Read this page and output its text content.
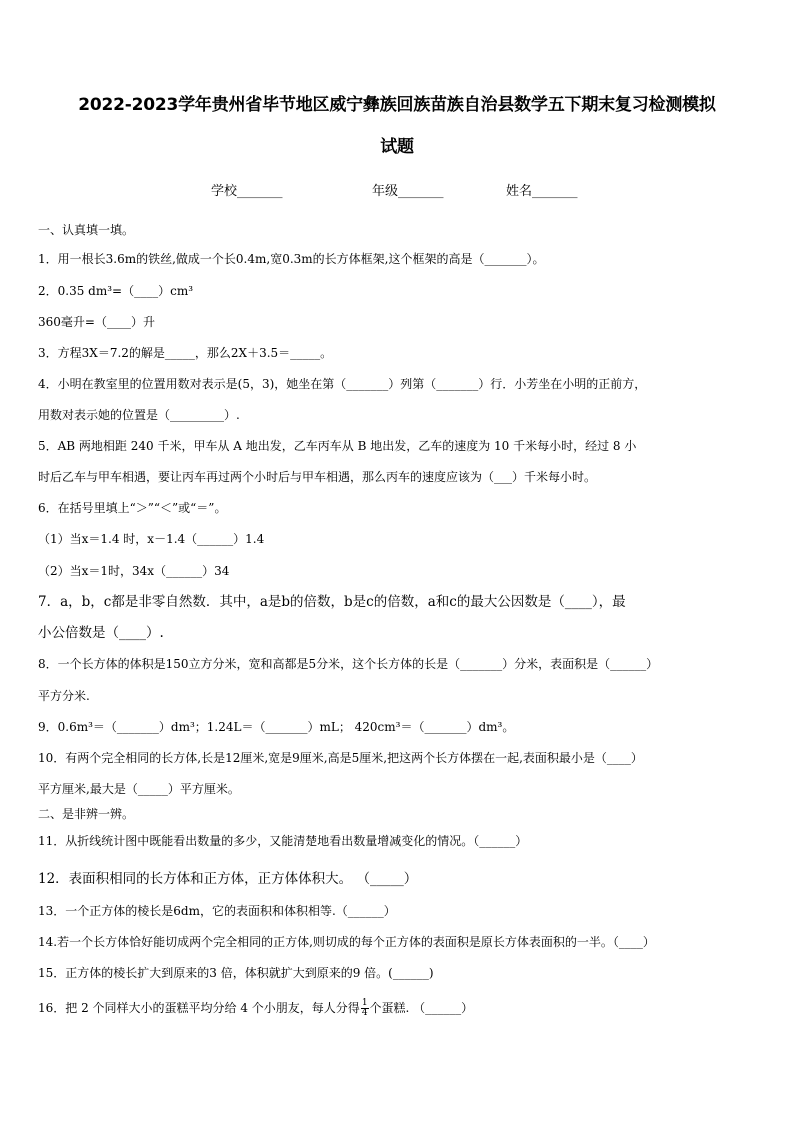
2022-2023学年贵州省毕节地区威宁彝族回族苗族自治县数学五下期末复习检测模拟
试题
学校_______	年级_______	姓名_______
一、认真填一填。
1．用一根长3.6m的铁丝,做成一个长0.4m,宽0.3m的长方体框架,这个框架的高是（_______）。
2．0.35 dm³=（____）cm³
360毫升=（____）升
3．方程3X＝7.2的解是_____，那么2X＋3.5＝_____。
4．小明在教室里的位置用数对表示是(5，3)，她坐在第（_______）列第（_______）行．小芳坐在小明的正前方，
用数对表示她的位置是（_________）.
5．AB 两地相距 240 千米，甲车从 A 地出发，乙车丙车从 B 地出发，乙车的速度为 10 千米每小时，经过 8 小
时后乙车与甲车相遇，要让丙车再过两个小时后与甲车相遇，那么丙车的速度应该为（___）千米每小时。
6．在括号里填上“＞”“＜”或“＝”。
（1）当x＝1.4 时，x－1.4（______）1.4
（2）当x＝1时，34x（______）34
7．a，b，c都是非零自然数．其中，a是b的倍数，b是c的倍数，a和c的最大公因数是（____），最
小公倍数是（____）.
8．一个长方体的体积是150立方分米，宽和高都是5分米，这个长方体的长是（_______）分米，表面积是（______）
平方分米.
9．0.6m³＝（_______）dm³；1.24L＝（_______）mL； 420cm³＝（_______）dm³。
10．有两个完全相同的长方体,长是12厘米,宽是9厘米,高是5厘米,把这两个长方体摆在一起,表面积最小是（____）
平方厘米,最大是（_____）平方厘米。
二、是非辨一辨。
11．从折线统计图中既能看出数量的多少，又能清楚地看出数量增减变化的情况。（______）
12．表面积相同的长方体和正方体，正方体体积大。 （_____）
13．一个正方体的棱长是6dm，它的表面积和体积相等.（______）
14.若一个长方体恰好能切成两个完全相同的正方体,则切成的每个正方体的表面积是原长方体表面积的一半。（____）
15．正方体的棱长扩大到原来的3 倍，体积就扩大到原来的9 倍。(______)
16．把 2 个同样大小的蛋糕平均分给 4 个小朋友，每人分得 $\frac{1}{4}$ 个蛋糕. （______）
